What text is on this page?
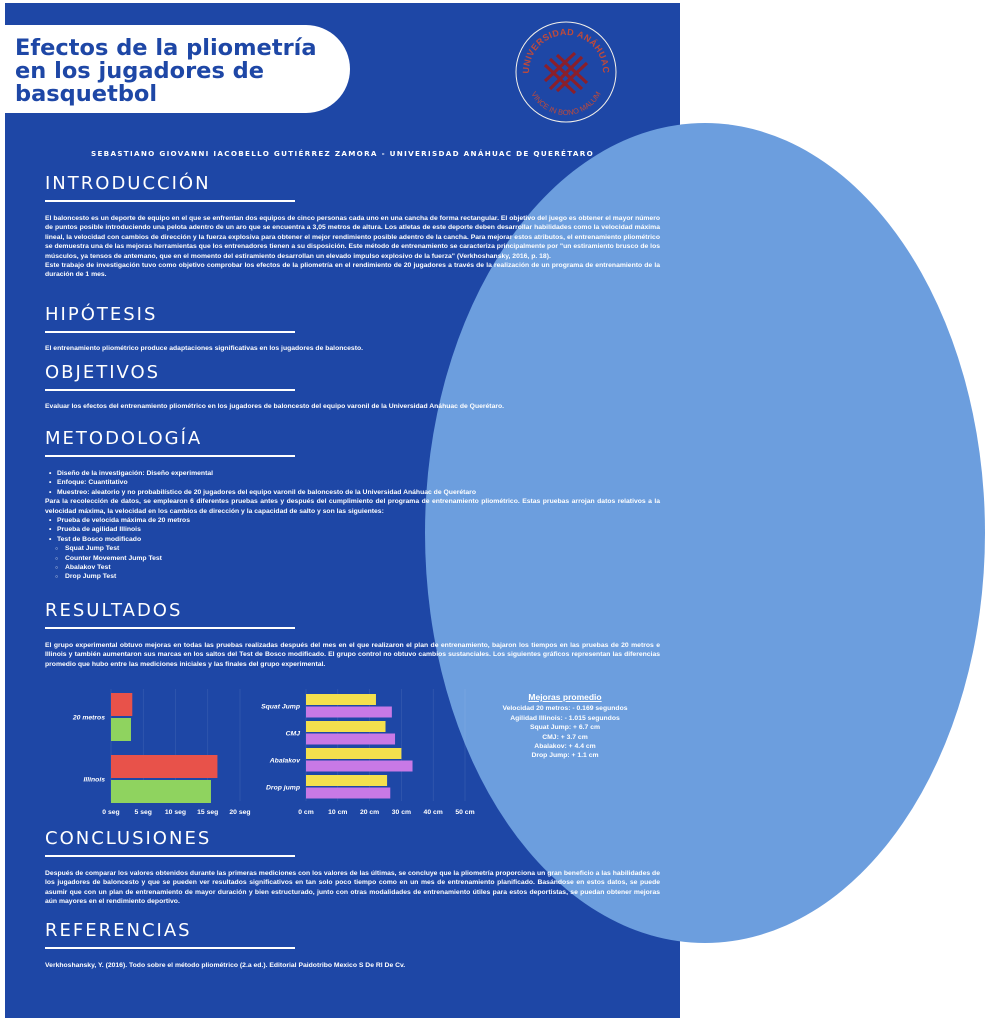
Efectos de la pliometría en los jugadores de basquetbol
UNIVERSIDAD ANÁHUAC
VINCE IN BONO MALUM
SEBASTIANO GIOVANNI IACOBELLO GUTIÉRREZ ZAMORA - UNIVERISDAD ANÁHUAC DE QUERÉTARO
INTRODUCCIÓN
El baloncesto es un deporte de equipo en el que se enfrentan dos equipos de cinco personas cada uno en una cancha de forma rectangular. El objetivo del juego es obtener el mayor número de puntos posible introduciendo una pelota adentro de un aro que se encuentra a 3,05 metros de altura. Los atletas de este deporte deben desarrollar habilidades como la velocidad máxima lineal, la velocidad con cambios de dirección y la fuerza explosiva para obtener el mejor rendimiento posible adentro de la cancha. Para mejorar estos atributos, el entrenamiento pliométrico se demuestra una de las mejoras herramientas que los entrenadores tienen a su disposición. Este método de entrenamiento se caracteriza principalmente por "un estiramiento brusco de los músculos, ya tensos de antemano, que en el momento del estiramiento desarrollan un elevado impulso explosivo de la fuerza" (Verkhoshansky, 2016, p. 18).
Este trabajo de investigación tuvo como objetivo comprobar los efectos de la pliometría en el rendimiento de 20 jugadores a través de la realización de un programa de entrenamiento de la duración de 1 mes.
HIPÓTESIS
El entrenamiento pliométrico produce adaptaciones significativas en los jugadores de baloncesto.
OBJETIVOS
Evaluar los efectos del entrenamiento pliométrico en los jugadores de baloncesto del equipo varonil de la Universidad Anáhuac de Querétaro.
METODOLOGÍA
• Diseño de la investigación: Diseño experimental
• Enfoque: Cuantitativo
• Muestreo: aleatorio y no probabilístico de 20 jugadores del equipo varonil de baloncesto de la Universidad Anáhuac de Querétaro
Para la recolección de datos, se emplearon 6 diferentes pruebas antes y después del cumplimiento del programa de entrenamiento pliométrico. Estas pruebas arrojan datos relativos a la velocidad máxima, la velocidad en los cambios de dirección y la capacidad de salto y son las siguientes:
• Prueba de velocida máxima de 20 metros
• Prueba de agilidad Illinois
• Test de Bosco modificado
○ Squat Jump Test
○ Counter Movement Jump Test
○ Abalakov Test
○ Drop Jump Test
RESULTADOS
El grupo experimental obtuvo mejoras en todas las pruebas realizadas después del mes en el que realizaron el plan de entrenamiento, bajaron los tiempos en las pruebas de 20 metros e Illinois y también aumentaron sus marcas en los saltos del Test de Bosco modificado. El grupo control no obtuvo cambios sustanciales. Los siguientes gráficos representan las diferencias promedio que hubo entre las mediciones iniciales y las finales del grupo experimental.
CONCLUSIONES
Después de comparar los valores obtenidos durante las primeras mediciones con los valores de las últimas, se concluye que la pliometría proporciona un gran beneficio a las habilidades de los jugadores de baloncesto y que se pueden ver resultados significativos en tan solo poco tiempo como en un mes de entrenamiento planificado. Basándose en estos datos, se puede asumir que con un plan de entrenamiento de mayor duración y bien estructurado, junto con otras modalidades de entrenamiento útiles para estos deportistas, se puedan obtener mejoras aún mayores en el rendimiento deportivo.
REFERENCIAS
Verkhoshansky, Y. (2016). Todo sobre el método pliométrico (2.a ed.). Editorial Paidotribo Mexico S De Rl De Cv.
0 seg 5 seg 10 seg 15 seg 20 seg
20 metros
Illinois
0 cm 10 cm 20 cm 30 cm 40 cm 50 cm
Squat Jump
CMJ
Abalakov
Drop jump
Mejoras promedio
Velocidad 20 metros: - 0.169 segundos
Agilidad Illinois: - 1.015 segundos
Squat Jump: + 6.7 cm
CMJ: + 3.7 cm
Abalakov: + 4.4 cm
Drop Jump: + 1.1 cm
